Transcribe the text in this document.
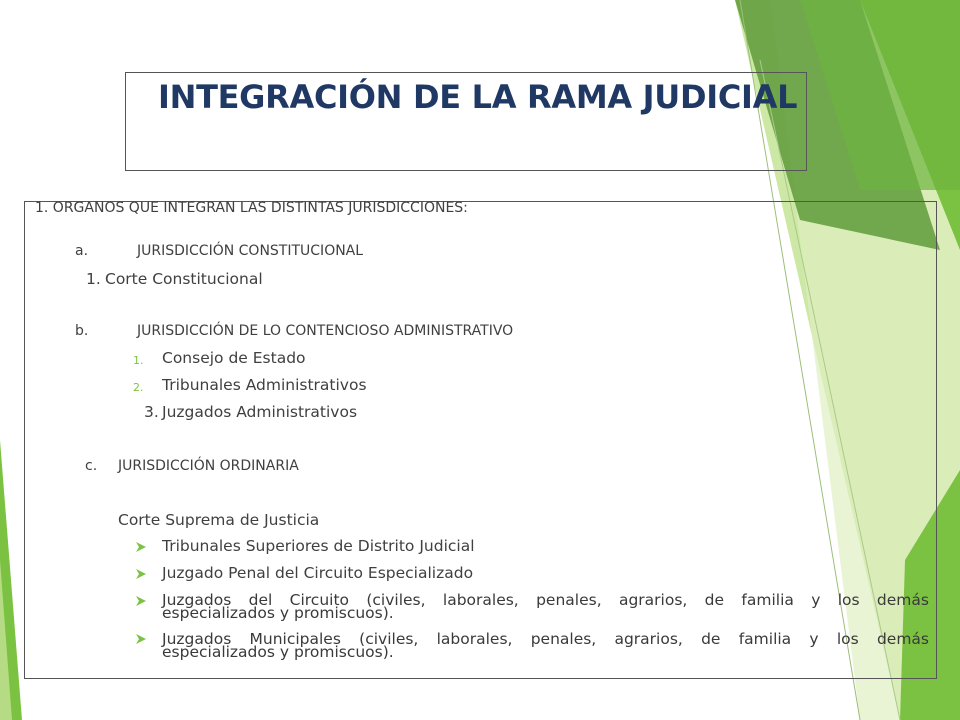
INTEGRACIÓN DE LA RAMA JUDICIAL
1. ORGANOS QUE INTEGRAN LAS DISTINTAS JURISDICCIONES:
a.	JURISDICCIÓN CONSTITUCIONAL
1. Corte Constitucional
b.	JURISDICCIÓN DE LO CONTENCIOSO ADMINISTRATIVO
1. Consejo de Estado
2. Tribunales Administrativos
3. Juzgados Administrativos
c. JURISDICCIÓN ORDINARIA
Corte Suprema de Justicia
Tribunales Superiores de Distrito Judicial
Juzgado Penal del Circuito Especializado
Juzgados del Circuito (civiles, laborales, penales, agrarios, de familia y los demás
especializados y promiscuos).
Juzgados Municipales (civiles, laborales, penales, agrarios, de familia y los demás
especializados y promiscuos).
